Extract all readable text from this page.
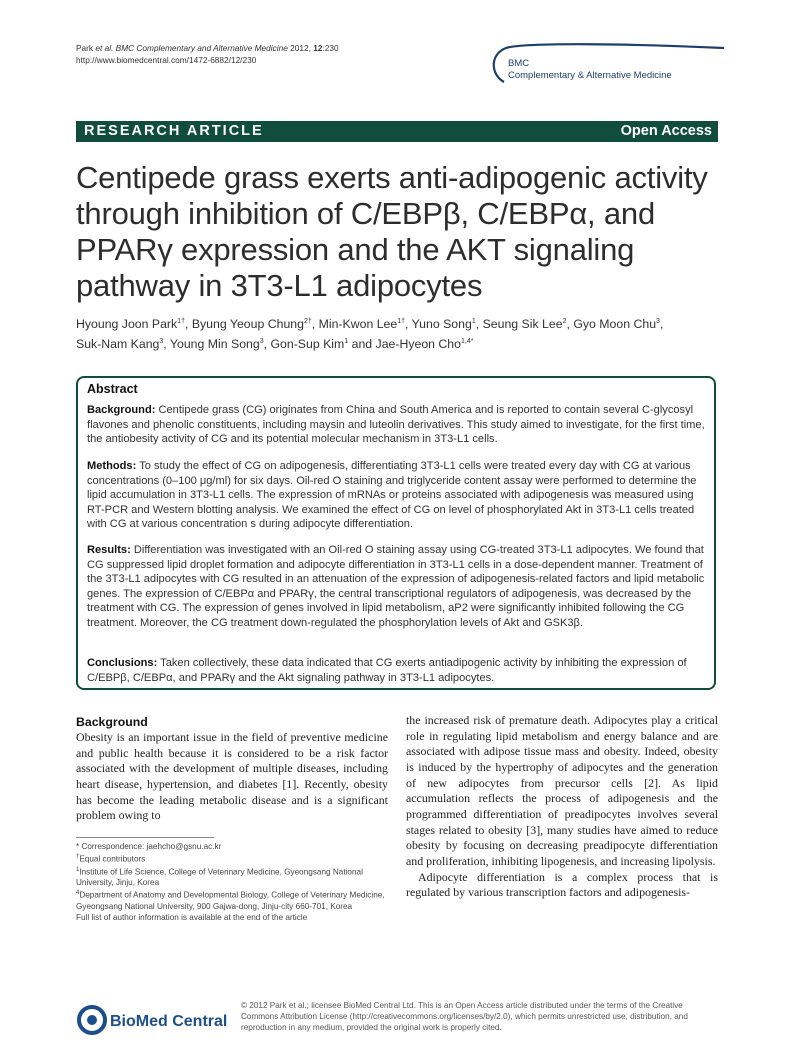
Park et al. BMC Complementary and Alternative Medicine 2012, 12:230
http://www.biomedcentral.com/1472-6882/12/230	BMC
Complementary & Alternative Medicine
RESEARCH ARTICLE	Open Access
Centipede grass exerts anti-adipogenic activity through inhibition of C/EBPβ, C/EBPα, and PPARγ expression and the AKT signaling pathway in 3T3-L1 adipocytes
Hyoung Joon Park$^{1\dagger}$, Byung Yeoup Chung$^{2\dagger}$, Min-Kwon Lee$^{1\dagger}$, Yuno Song$^1$, Seung Sik Lee$^2$, Gyo Moon Chu$^3$,
Suk-Nam Kang$^3$, Young Min Song$^3$, Gon-Sup Kim$^1$ and Jae-Hyeon Cho$^{1,4*}$
Abstract
Background: Centipede grass (CG) originates from China and South America and is reported to contain several C-glycosyl flavones and phenolic constituents, including maysin and luteolin derivatives. This study aimed to investigate, for the first time, the antiobesity activity of CG and its potential molecular mechanism in 3T3-L1 cells.
Methods: To study the effect of CG on adipogenesis, differentiating 3T3-L1 cells were treated every day with CG at various concentrations (0–100 μg/ml) for six days. Oil-red O staining and triglyceride content assay were performed to determine the lipid accumulation in 3T3-L1 cells. The expression of mRNAs or proteins associated with adipogenesis was measured using RT-PCR and Western blotting analysis. We examined the effect of CG on level of phosphorylated Akt in 3T3-L1 cells treated with CG at various concentration s during adipocyte differentiation.
Results: Differentiation was investigated with an Oil-red O staining assay using CG-treated 3T3-L1 adipocytes. We found that CG suppressed lipid droplet formation and adipocyte differentiation in 3T3-L1 cells in a dose-dependent manner. Treatment of the 3T3-L1 adipocytes with CG resulted in an attenuation of the expression of adipogenesis-related factors and lipid metabolic genes. The expression of C/EBPα and PPARγ, the central transcriptional regulators of adipogenesis, was decreased by the treatment with CG. The expression of genes involved in lipid metabolism, aP2 were significantly inhibited following the CG treatment. Moreover, the CG treatment down-regulated the phosphorylation levels of Akt and GSK3β.
Conclusions: Taken collectively, these data indicated that CG exerts antiadipogenic activity by inhibiting the expression of C/EBPβ, C/EBPα, and PPARγ and the Akt signaling pathway in 3T3-L1 adipocytes.
Background
Obesity is an important issue in the field of preventive medicine and public health because it is considered to be a risk factor associated with the development of multiple diseases, including heart disease, hypertension, and diabetes [1]. Recently, obesity has become the leading metabolic disease and is a significant problem owing to
the increased risk of premature death. Adipocytes play a critical role in regulating lipid metabolism and energy balance and are associated with adipose tissue mass and obesity. Indeed, obesity is induced by the hypertrophy of adipocytes and the generation of new adipocytes from precursor cells [2]. As lipid accumulation reflects the process of adipogenesis and the programmed differentiation of preadipocytes involves several stages related to obesity [3], many studies have aimed to reduce obesity by focusing on decreasing preadipocyte differentiation and proliferation, inhibiting lipogenesis, and increasing lipolysis.
Adipocyte differentiation is a complex process that is regulated by various transcription factors and adipogenesis-
* Correspondence: jaehcho@gsnu.ac.kr
†Equal contributors
$^1$Institute of Life Science, College of Veterinary Medicine, Gyeongsang National University, Jinju, Korea
$^4$Department of Anatomy and Developmental Biology, College of Veterinary Medicine, Gyeongsang National University, 900 Gajwa-dong, Jinju-city 660-701, Korea
Full list of author information is available at the end of the article
BioMed Central
© 2012 Park et al.; licensee BioMed Central Ltd. This is an Open Access article distributed under the terms of the Creative Commons Attribution License (http://creativecommons.org/licenses/by/2.0), which permits unrestricted use, distribution, and reproduction in any medium, provided the original work is properly cited.
